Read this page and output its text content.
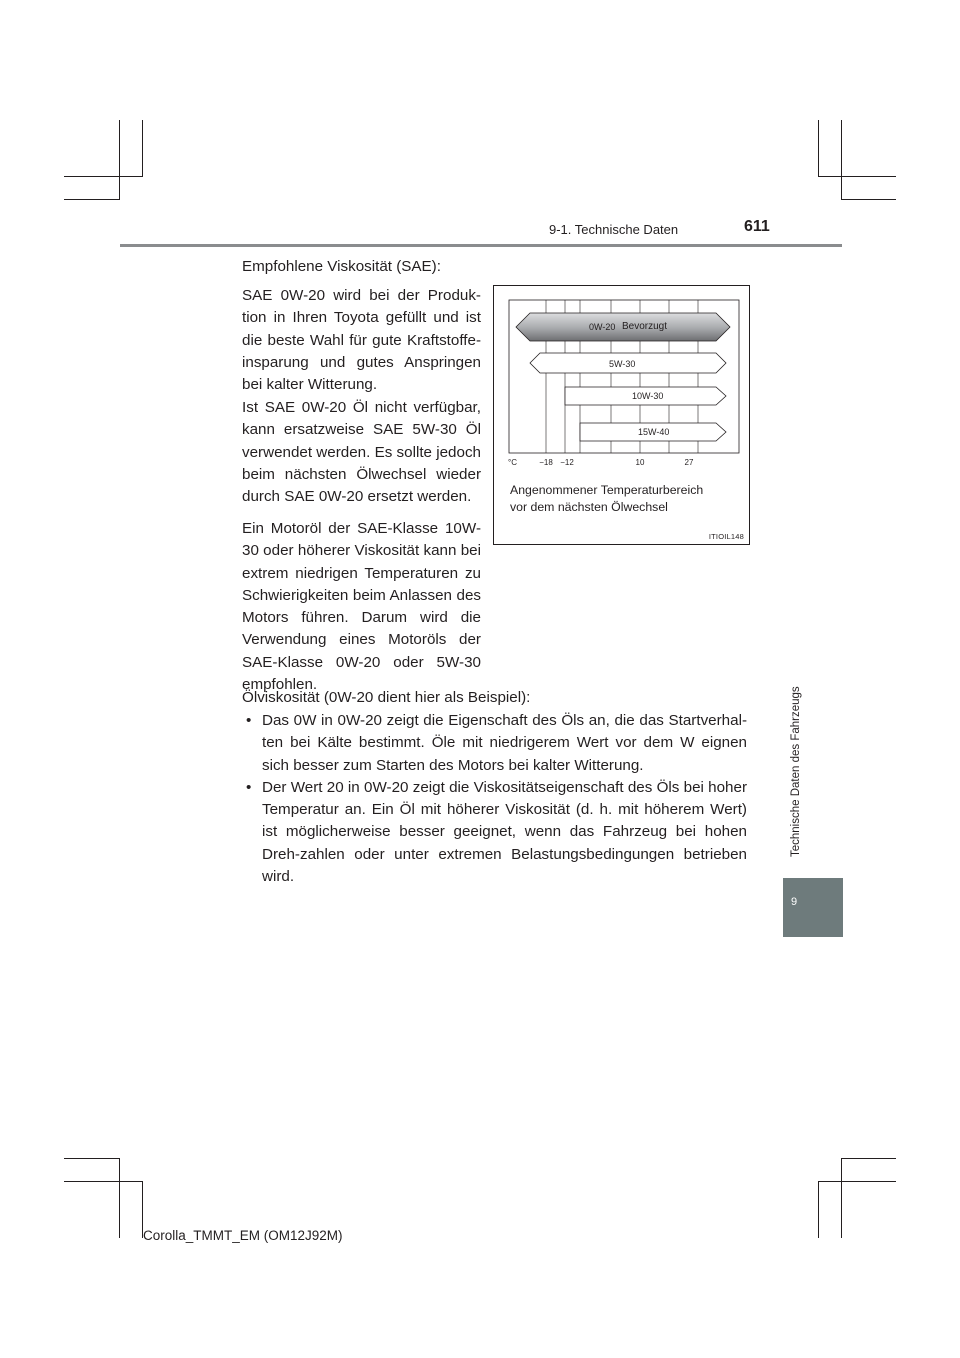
9-1. Technische Daten	611
Technische Daten des Fahrzeugs
9
Empfohlene Viskosität (SAE):
SAE 0W-20 wird bei der Produk-tion in Ihren Toyota gefüllt und ist die beste Wahl für gute Kraftstoffe-insparung und gutes Anspringen bei kalter Witterung.
Ist SAE 0W-20 Öl nicht verfügbar, kann ersatzweise SAE 5W-30 Öl verwendet werden. Es sollte jedoch beim nächsten Ölwechsel wieder durch SAE 0W-20 ersetzt werden.
Ein Motoröl der SAE-Klasse 10W-30 oder höherer Viskosität kann bei extrem niedrigen Temperaturen zu Schwierigkeiten beim Anlassen des Motors führen. Darum wird die Verwendung eines Motoröls der SAE-Klasse 0W-20 oder 5W-30 empfohlen.
Ölviskosität (0W-20 dient hier als Beispiel):
• Das 0W in 0W-20 zeigt die Eigenschaft des Öls an, die das Startverhal-ten bei Kälte bestimmt. Öle mit niedrigerem Wert vor dem W eignen sich besser zum Starten des Motors bei kalter Witterung.
• Der Wert 20 in 0W-20 zeigt die Viskositätseigenschaft des Öls bei hoher Temperatur an. Ein Öl mit höherer Viskosität (d. h. mit höherem Wert) ist möglicherweise besser geeignet, wenn das Fahrzeug bei hohen Dreh-zahlen oder unter extremen Belastungsbedingungen betrieben wird.
0W-20 Bevorzugt
5W-30
10W-30
15W-40
°C	−18 −12	10	27
Angenommener Temperaturbereich
vor dem nächsten Ölwechsel
ITIOIL148
Corolla_TMMT_EM (OM12J92M)
